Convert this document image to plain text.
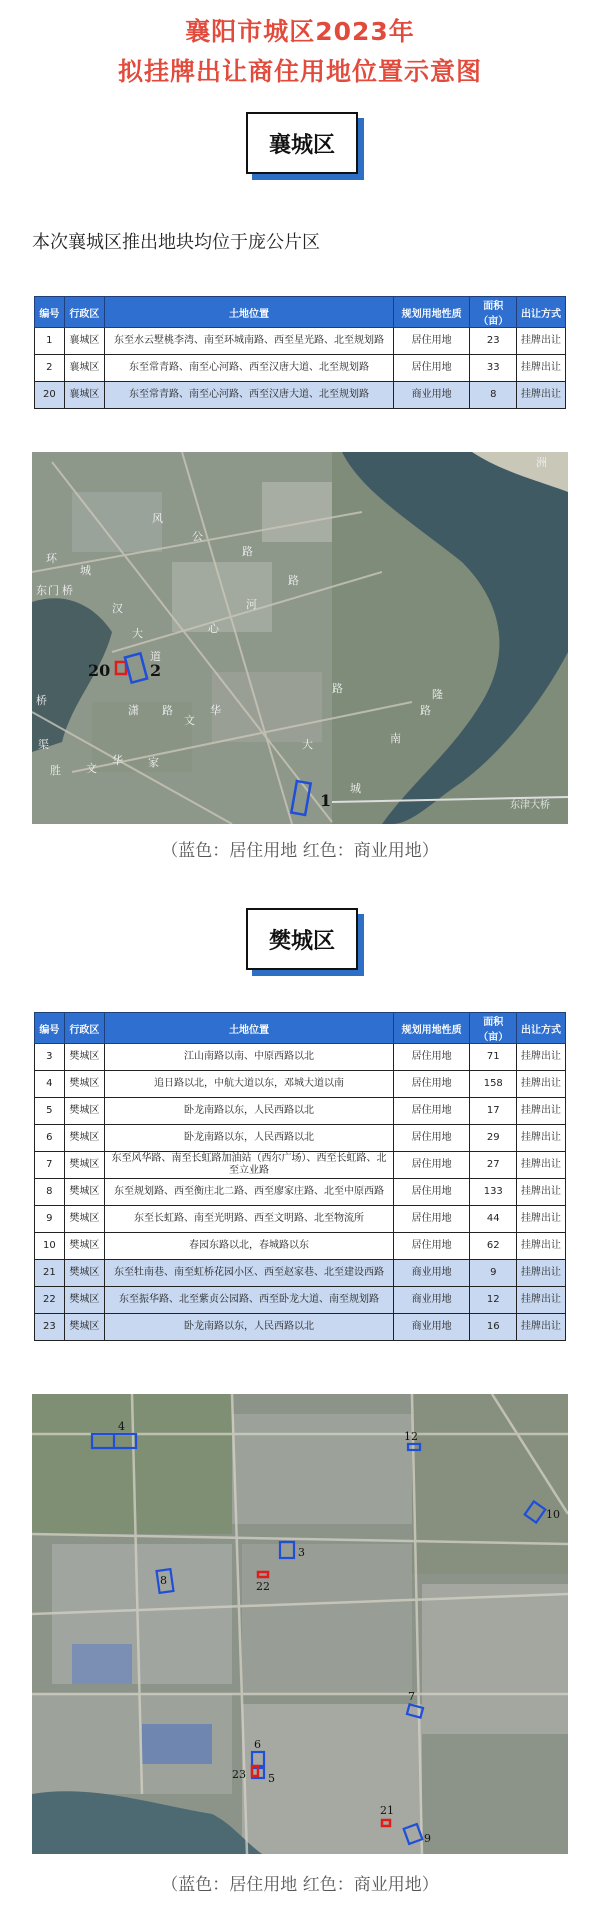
襄阳市城区2023年
拟挂牌出让商住用地位置示意图
襄城区
本次襄城区推出地块均位于庞公片区
编号	行政区	土地位置	规划用地性质	面积（亩）	出让方式
1	襄城区	东至水云墅桃李湾、南至环城南路、西至星光路、北至规划路	居住用地	23	挂牌出让
2	襄城区	东至常青路、南至心河路、西至汉唐大道、北至规划路	居住用地	33	挂牌出让
20	襄城区	东至常青路、南至心河路、西至汉唐大道、北至规划路	商业用地	8	挂牌出让
风
公
路
环
城
东 门 桥
汉
大
道
心
河
路
文
华
潇 路
胜 文
华 家
洲
渠
桥
路
城
南
路
大
隆
20 2
1	东津大桥
（蓝色：居住用地 红色：商业用地）
樊城区
编号	行政区	土地位置	规划用地性质	面积（亩）	出让方式
3	樊城区	江山南路以南、中原西路以北	居住用地	71	挂牌出让
4	樊城区	追日路以北，中航大道以东，邓城大道以南	居住用地	158	挂牌出让
5	樊城区	卧龙南路以东，人民西路以北	居住用地	17	挂牌出让
6	樊城区	卧龙南路以东，人民西路以北	居住用地	29	挂牌出让
7	樊城区	东至风华路、南至长虹路加油站（西尔广场）、西至长虹路、北至立业路	居住用地	27	挂牌出让
8	樊城区	东至规划路、西至衡庄北二路、西至廖家庄路、北至中原西路	居住用地	133	挂牌出让
9	樊城区	东至长虹路、南至光明路、西至文明路、北至物流所	居住用地	44	挂牌出让
10	樊城区	春园东路以北，春城路以东	居住用地	62	挂牌出让
21	樊城区	东至牡南巷、南至虹桥花园小区、西至赵家巷、北至建设西路	商业用地	9	挂牌出让
22	樊城区	东至振华路、北至紫贞公园路、西至卧龙大道、南至规划路	商业用地	12	挂牌出让
23	樊城区	卧龙南路以东，人民西路以北	商业用地	16	挂牌出让
4
12
10
3
22
8
7
6
23 5
21
9
（蓝色：居住用地 红色：商业用地）
